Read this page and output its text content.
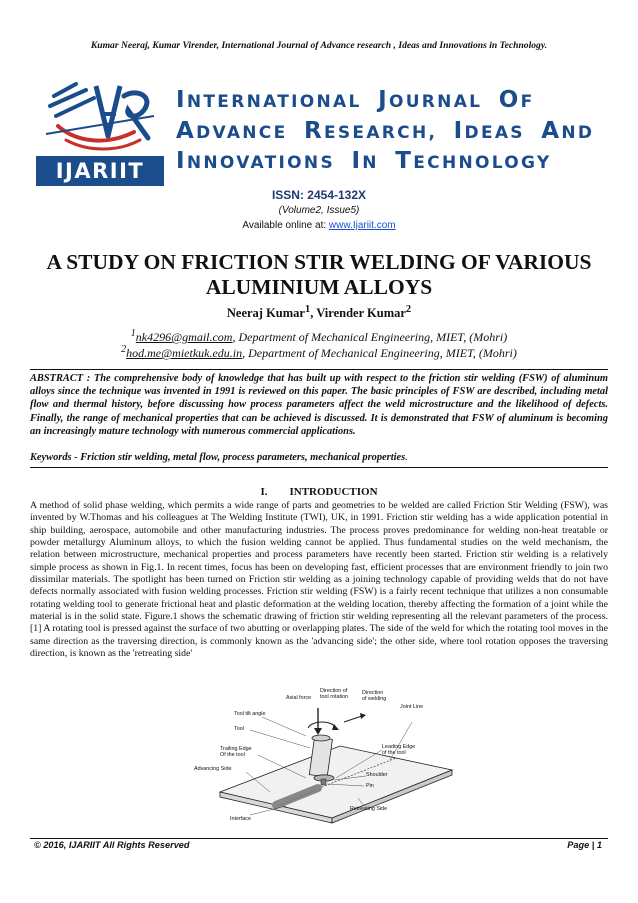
Kumar Neeraj, Kumar Virender, International Journal of Advance research , Ideas and Innovations in Technology.
IJARIIT
INTERNATIONAL JOURNAL OF
ADVANCE RESEARCH, IDEAS AND
INNOVATIONS IN TECHNOLOGY
ISSN: 2454-132X
(Volume2, Issue5)
Available online at: www.Ijariit.com
A STUDY ON FRICTION STIR WELDING OF VARIOUS ALUMINIUM ALLOYS
Neeraj Kumar$^1$, Virender Kumar$^2$
$^1$nk4296@gmail.com, Department of Mechanical Engineering, MIET, (Mohri)
$^2$hod.me@mietkuk.edu.in, Department of Mechanical Engineering, MIET, (Mohri)
ABSTRACT : The comprehensive body of knowledge that has built up with respect to the friction stir welding (FSW) of aluminum alloys since the technique was invented in 1991 is reviewed on this paper. The basic principles of FSW are described, including metal flow and thermal history, before discussing how process parameters affect the weld microstructure and the likelihood of defects. Finally, the range of mechanical properties that can be achieved is discussed. It is demonstrated that FSW of aluminum is becoming an increasingly mature technology with numerous commercial applications.
Keywords - Friction stir welding, metal flow, process parameters, mechanical properties.
I. INTRODUCTION
A method of solid phase welding, which permits a wide range of parts and geometries to be welded are called Friction Stir Welding (FSW), was invented by W.Thomas and his colleagues at The Welding Institute (TWI), UK, in 1991. Friction stir welding has a wide application potential in ship building, aerospace, automobile and other manufacturing industries. The process proves predominance for welding non-heat treatable or powder metallurgy Aluminum alloys, to which the fusion welding cannot be applied. Thus fundamental studies on the weld mechanism, the relation between microstructure, mechanical properties and process parameters have recently been started. Friction stir welding is a relatively simple process as shown in Fig.1. In recent times, focus has been on developing fast, efficient processes that are environment friendly to join two dissimilar materials. The spotlight has been turned on Friction stir welding as a joining technology capable of providing welds that do not have defects normally associated with fusion welding processes. Friction stir welding (FSW) is a fairly recent technique that utilizes a non consumable rotating welding tool to generate frictional heat and plastic deformation at the welding location, thereby affecting the formation of a joint while the material is in the solid state. Figure.1 shows the schematic drawing of friction stir welding representing all the relevant parameters of the process. [1] A rotating tool is pressed against the surface of two abutting or overlapping plates. The side of the weld for which the rotating tool moves in the same direction as the traversing direction, is commonly known as the 'advancing side'; the other side, where tool rotation opposes the traversing direction, is known as the 'retreating side'
Axial force
Direction of
tool rotation
Direction
of welding
Joint Line
Tool tilt angle
Tool
Trailing Edge
Of the tool
Leading Edge
of the tool
Advancing Side
Shoulder
Pin
Retreating Side
Interface
© 2016, IJARIIT All Rights Reserved	Page | 1
